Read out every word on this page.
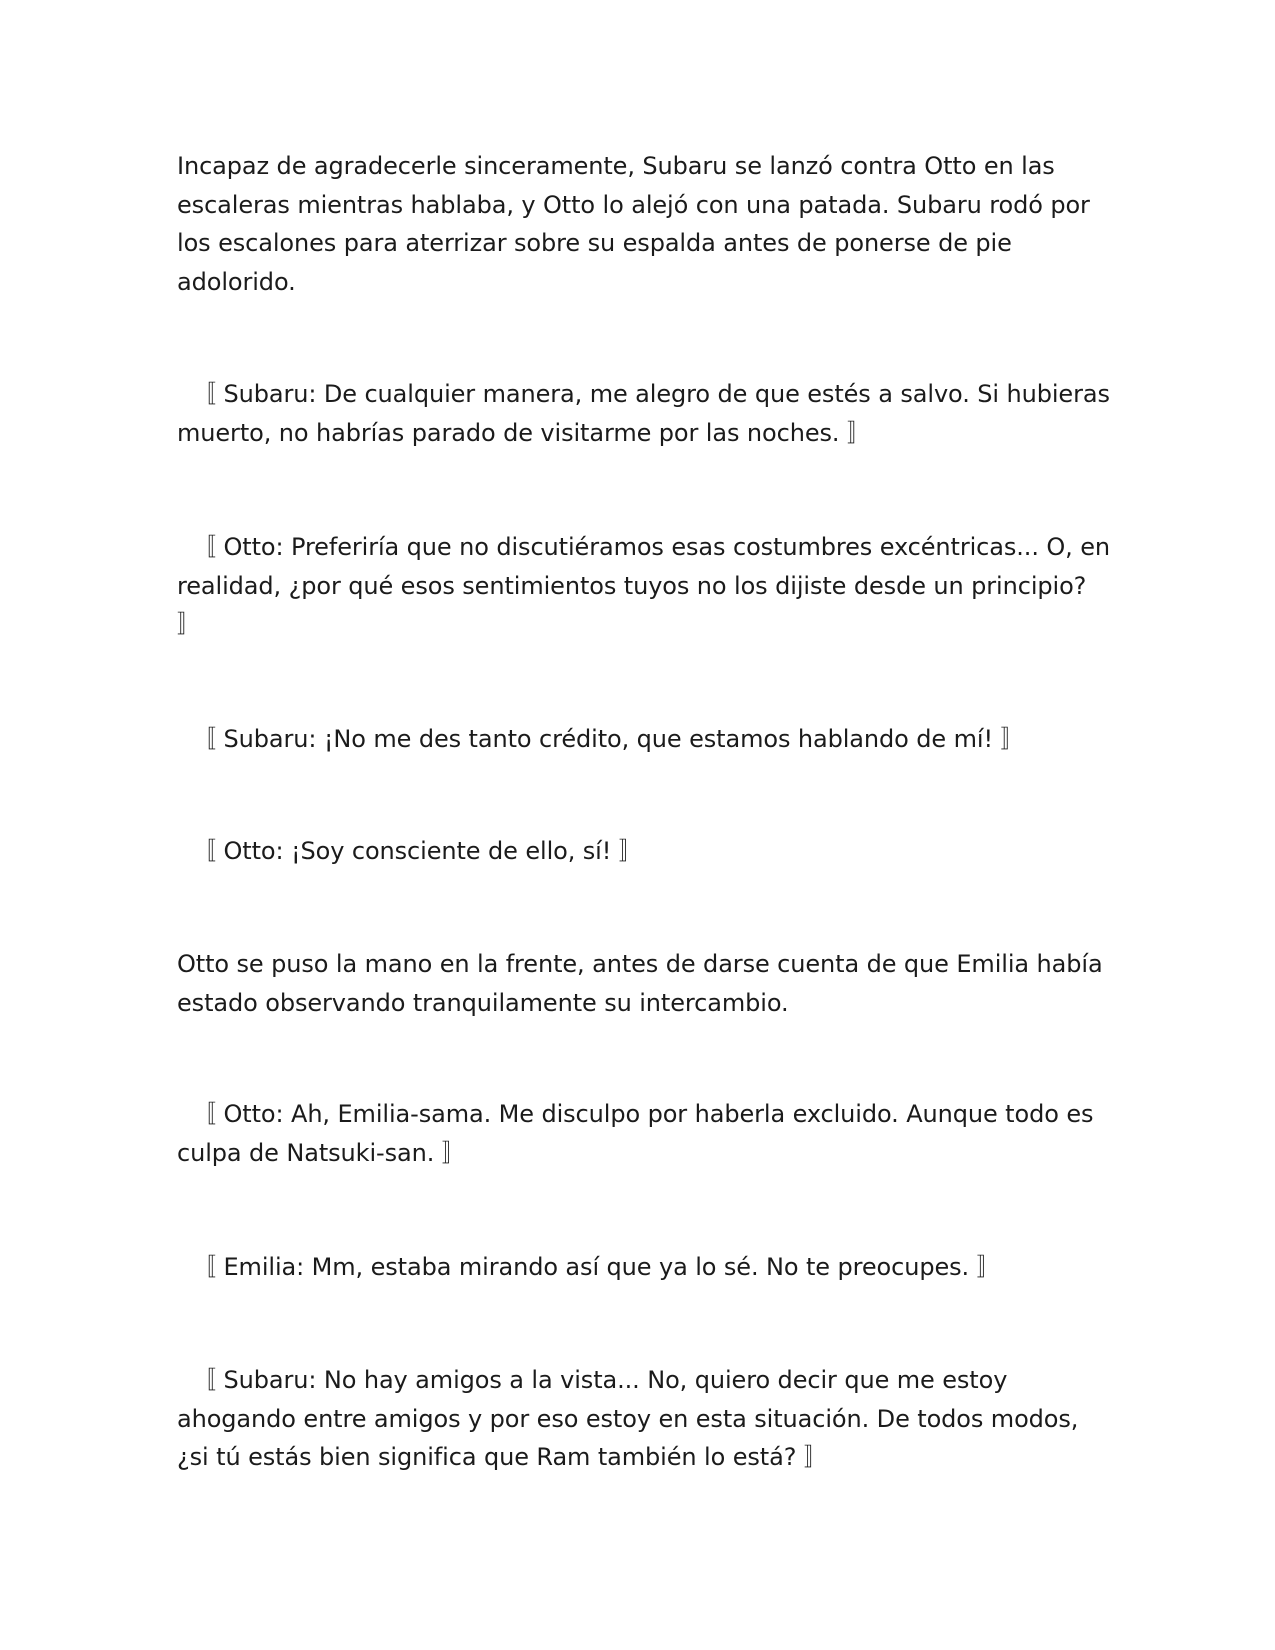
Incapaz de agradecerle sinceramente, Subaru se lanzó contra Otto en las
escaleras mientras hablaba, y Otto lo alejó con una patada. Subaru rodó por
los escalones para aterrizar sobre su espalda antes de ponerse de pie
adolorido.

〚 Subaru: De cualquier manera, me alegro de que estés a salvo. Si hubieras
muerto, no habrías parado de visitarme por las noches. 〛

〚 Otto: Preferiría que no discutiéramos esas costumbres excéntricas... O, en
realidad, ¿por qué esos sentimientos tuyos no los dijiste desde un principio?
〛

〚 Subaru: ¡No me des tanto crédito, que estamos hablando de mí! 〛

〚 Otto: ¡Soy consciente de ello, sí! 〛

Otto se puso la mano en la frente, antes de darse cuenta de que Emilia había
estado observando tranquilamente su intercambio.

〚 Otto: Ah, Emilia-sama. Me disculpo por haberla excluido. Aunque todo es
culpa de Natsuki-san. 〛

〚 Emilia: Mm, estaba mirando así que ya lo sé. No te preocupes. 〛

〚 Subaru: No hay amigos a la vista... No, quiero decir que me estoy
ahogando entre amigos y por eso estoy en esta situación. De todos modos,
¿si tú estás bien significa que Ram también lo está? 〛
